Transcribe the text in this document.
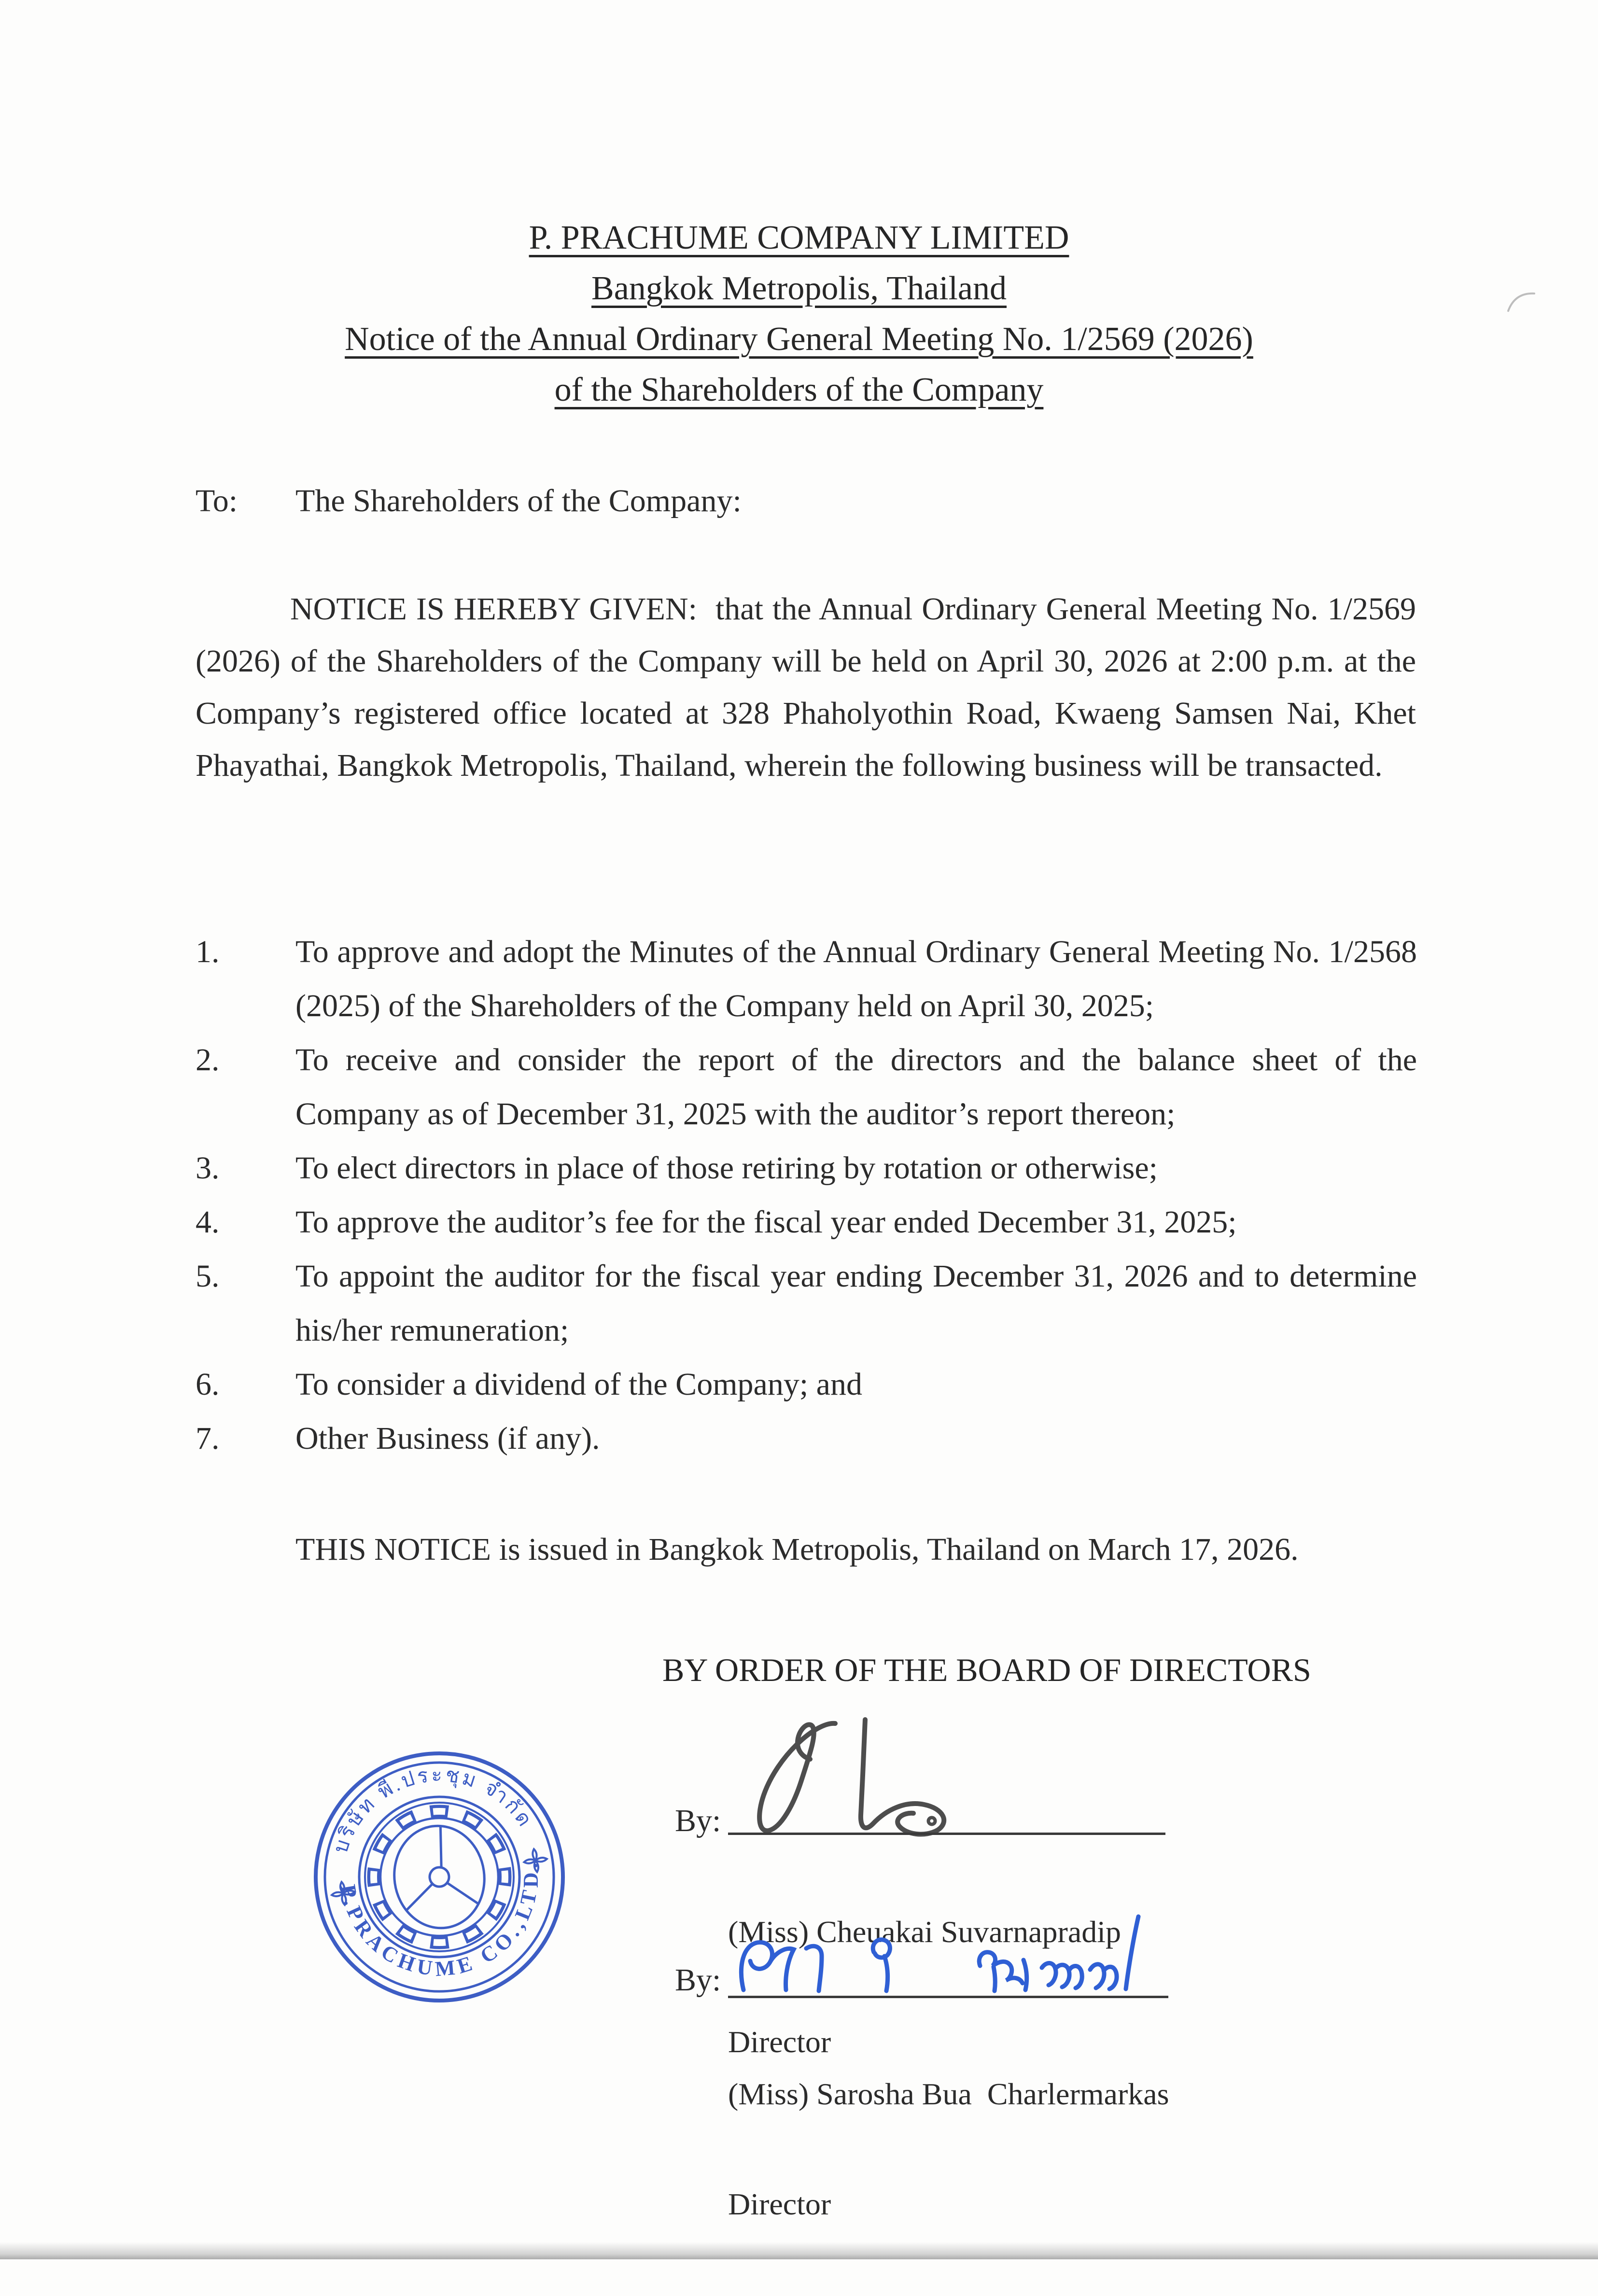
P. PRACHUME COMPANY LIMITED
Bangkok Metropolis, Thailand
Notice of the Annual Ordinary General Meeting No. 1/2569 (2026)
of the Shareholders of the Company
To: The Shareholders of the Company:
NOTICE IS HEREBY GIVEN:  that the Annual Ordinary General Meeting No. 1/2569 (2026) of the Shareholders of the Company will be held on April 30, 2026 at 2:00 p.m. at the Company’s registered office located at 328 Phaholyothin Road, Kwaeng Samsen Nai, Khet Phayathai, Bangkok Metropolis, Thailand, wherein the following business will be transacted.
1.	To approve and adopt the Minutes of the Annual Ordinary General Meeting No. 1/2568 (2025) of the Shareholders of the Company held on April 30, 2025;
2.	To receive and consider the report of the directors and the balance sheet of the Company as of December 31, 2025 with the auditor’s report thereon;
3.	To elect directors in place of those retiring by rotation or otherwise;
4.	To approve the auditor’s fee for the fiscal year ended December 31, 2025;
5.	To appoint the auditor for the fiscal year ending December 31, 2026 and to determine his/her remuneration;
6.	To consider a dividend of the Company; and
7.	Other Business (if any).
THIS NOTICE is issued in Bangkok Metropolis, Thailand on March 17, 2026.
BY ORDER OF THE BOARD OF DIRECTORS
By:

(Miss) Cheuakai Suvarnapradip

Director

บริษัท พี.ประชุม จำกัด
P.PRACHUME CO.,LTD.
By:

(Miss) Sarosha Bua  Charlermarkas

Director
